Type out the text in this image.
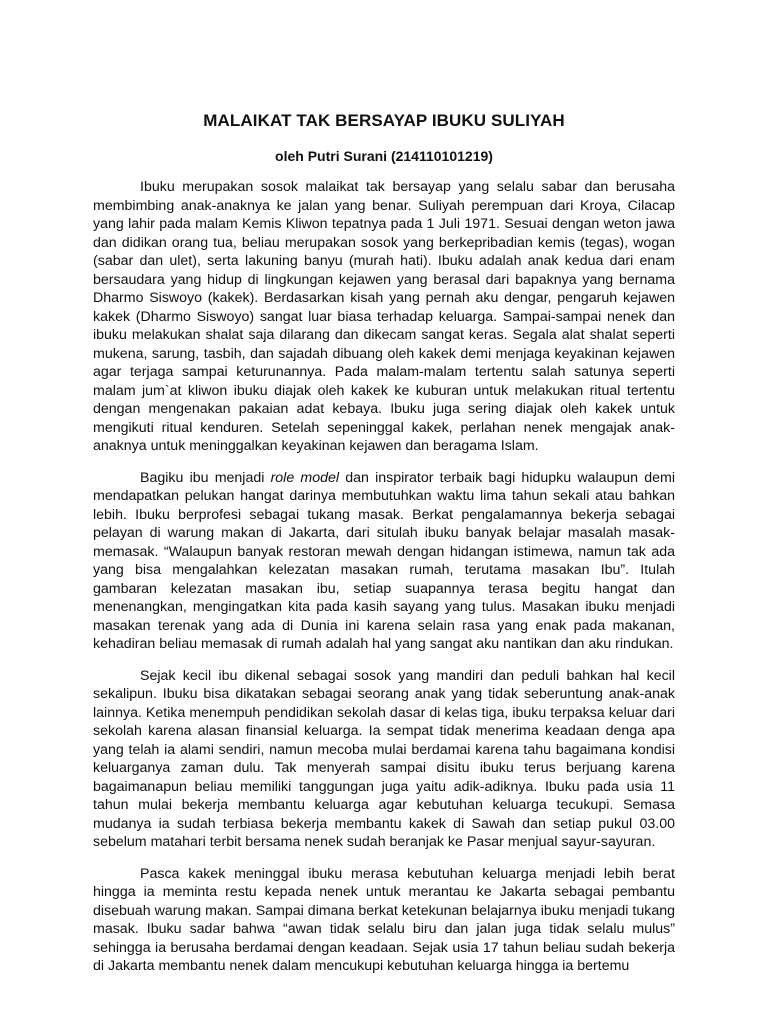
MALAIKAT TAK BERSAYAP IBUKU SULIYAH
oleh Putri Surani (214110101219)

Ibuku merupakan sosok malaikat tak bersayap yang selalu sabar dan berusaha membimbing anak-anaknya ke jalan yang benar. Suliyah perempuan dari Kroya, Cilacap yang lahir pada malam Kemis Kliwon tepatnya pada 1 Juli 1971. Sesuai dengan weton jawa dan didikan orang tua, beliau merupakan sosok yang berkepribadian kemis (tegas), wogan (sabar dan ulet), serta lakuning banyu (murah hati). Ibuku adalah anak kedua dari enam bersaudara yang hidup di lingkungan kejawen yang berasal dari bapaknya yang bernama Dharmo Siswoyo (kakek). Berdasarkan kisah yang pernah aku dengar, pengaruh kejawen kakek (Dharmo Siswoyo) sangat luar biasa terhadap keluarga. Sampai-sampai nenek dan ibuku melakukan shalat saja dilarang dan dikecam sangat keras. Segala alat shalat seperti mukena, sarung, tasbih, dan sajadah dibuang oleh kakek demi menjaga keyakinan kejawen agar terjaga sampai keturunannya. Pada malam-malam tertentu salah satunya seperti malam jum`at kliwon ibuku diajak oleh kakek ke kuburan untuk melakukan ritual tertentu dengan mengenakan pakaian adat kebaya. Ibuku juga sering diajak oleh kakek untuk mengikuti ritual kenduren. Setelah sepeninggal kakek, perlahan nenek mengajak anak-anaknya untuk meninggalkan keyakinan kejawen dan beragama Islam.

Bagiku ibu menjadi role model dan inspirator terbaik bagi hidupku walaupun demi mendapatkan pelukan hangat darinya membutuhkan waktu lima tahun sekali atau bahkan lebih. Ibuku berprofesi sebagai tukang masak. Berkat pengalamannya bekerja sebagai pelayan di warung makan di Jakarta, dari situlah ibuku banyak belajar masalah masak-memasak. “Walaupun banyak restoran mewah dengan hidangan istimewa, namun tak ada yang bisa mengalahkan kelezatan masakan rumah, terutama masakan Ibu”. Itulah gambaran kelezatan masakan ibu, setiap suapannya terasa begitu hangat dan menenangkan, mengingatkan kita pada kasih sayang yang tulus. Masakan ibuku menjadi masakan terenak yang ada di Dunia ini karena selain rasa yang enak pada makanan, kehadiran beliau memasak di rumah adalah hal yang sangat aku nantikan dan aku rindukan.

Sejak kecil ibu dikenal sebagai sosok yang mandiri dan peduli bahkan hal kecil sekalipun. Ibuku bisa dikatakan sebagai seorang anak yang tidak seberuntung anak-anak lainnya. Ketika menempuh pendidikan sekolah dasar di kelas tiga, ibuku terpaksa keluar dari sekolah karena alasan finansial keluarga. Ia sempat tidak menerima keadaan denga apa yang telah ia alami sendiri, namun mecoba mulai berdamai karena tahu bagaimana kondisi keluarganya zaman dulu. Tak menyerah sampai disitu ibuku terus berjuang karena bagaimanapun beliau memiliki tanggungan juga yaitu adik-adiknya. Ibuku pada usia 11 tahun mulai bekerja membantu keluarga agar kebutuhan keluarga tecukupi. Semasa mudanya ia sudah terbiasa bekerja membantu kakek di Sawah dan setiap pukul 03.00 sebelum matahari terbit bersama nenek sudah beranjak ke Pasar menjual sayur-sayuran.

Pasca kakek meninggal ibuku merasa kebutuhan keluarga menjadi lebih berat hingga ia meminta restu kepada nenek untuk merantau ke Jakarta sebagai pembantu disebuah warung makan. Sampai dimana berkat ketekunan belajarnya ibuku menjadi tukang masak. Ibuku sadar bahwa “awan tidak selalu biru dan jalan juga tidak selalu mulus” sehingga ia berusaha berdamai dengan keadaan. Sejak usia 17 tahun beliau sudah bekerja di Jakarta membantu nenek dalam mencukupi kebutuhan keluarga hingga ia bertemu
